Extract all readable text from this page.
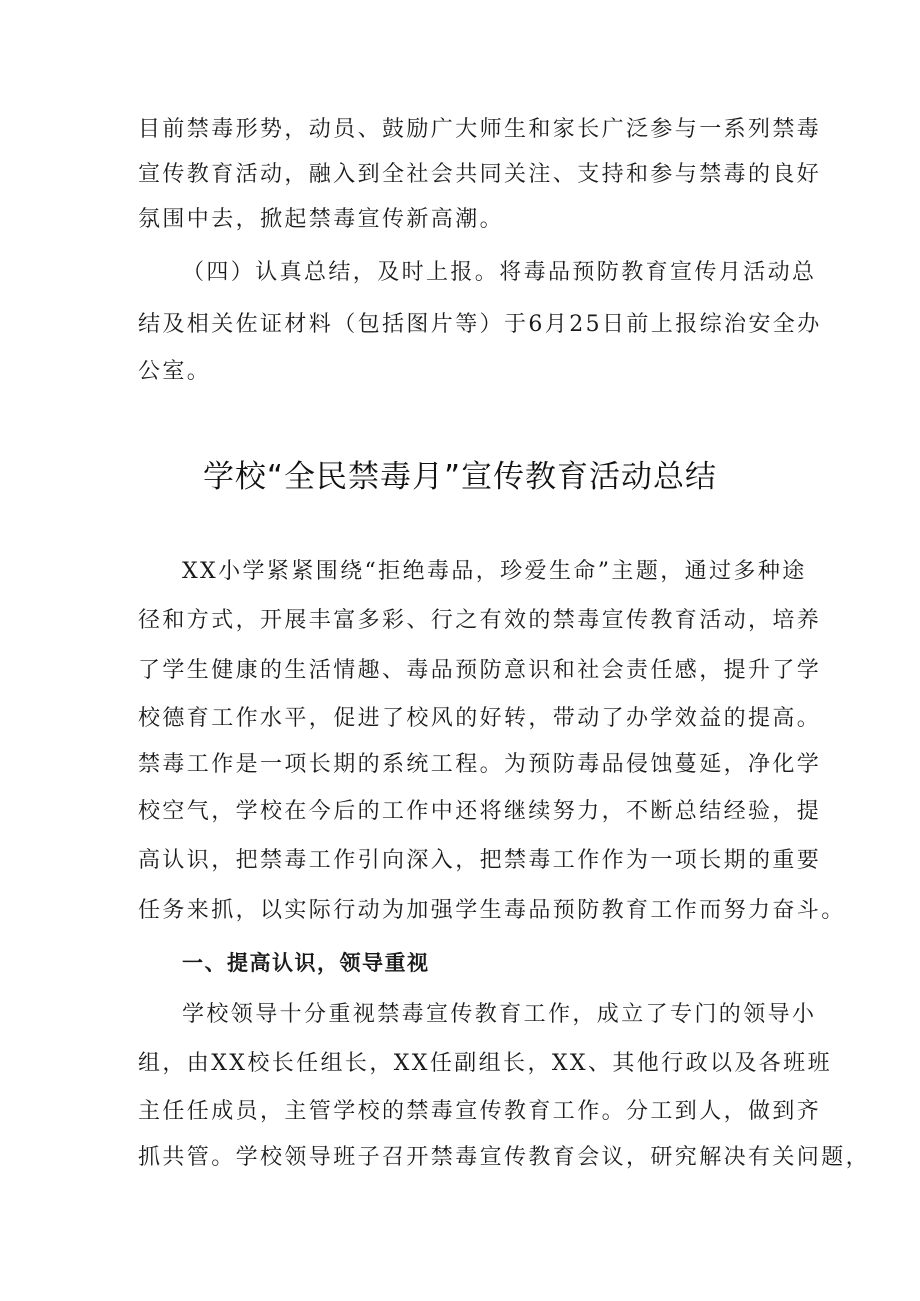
目前禁毒形势，动员、鼓励广大师生和家长广泛参与一系列禁毒
宣传教育活动，融入到全社会共同关注、支持和参与禁毒的良好
氛围中去，掀起禁毒宣传新高潮。
（四）认真总结，及时上报。将毒品预防教育宣传月活动总
结及相关佐证材料（包括图片等）于6月25日前上报综治安全办
公室。
学校“全民禁毒月”宣传教育活动总结
XX小学紧紧围绕“拒绝毒品，珍爱生命”主题，通过多种途
径和方式，开展丰富多彩、行之有效的禁毒宣传教育活动，培养
了学生健康的生活情趣、毒品预防意识和社会责任感，提升了学
校德育工作水平，促进了校风的好转，带动了办学效益的提高。
禁毒工作是一项长期的系统工程。为预防毒品侵蚀蔓延，净化学
校空气，学校在今后的工作中还将继续努力，不断总结经验，提
高认识，把禁毒工作引向深入，把禁毒工作作为一项长期的重要
任务来抓，以实际行动为加强学生毒品预防教育工作而努力奋斗。
一、提高认识，领导重视
学校领导十分重视禁毒宣传教育工作，成立了专门的领导小
组，由XX校长任组长，XX任副组长，XX、其他行政以及各班班
主任任成员，主管学校的禁毒宣传教育工作。分工到人，做到齐
抓共管。学校领导班子召开禁毒宣传教育会议，研究解决有关问题，
